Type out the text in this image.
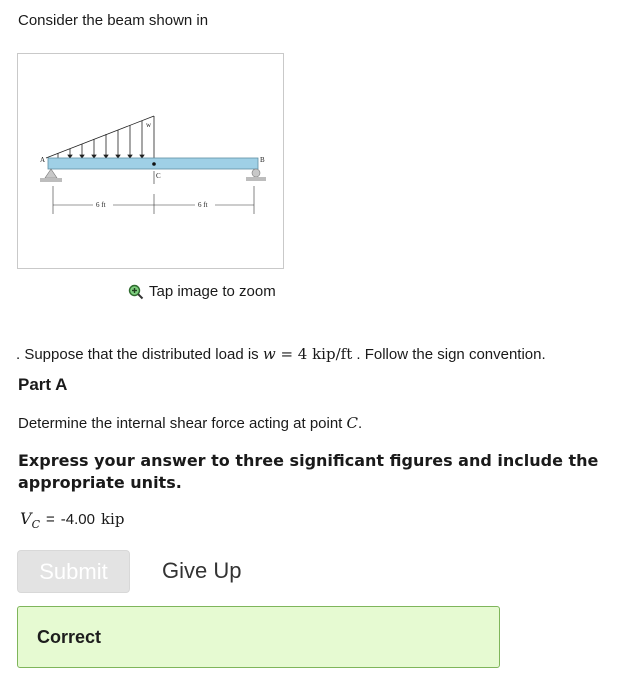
Consider the beam shown in
w
A	B
C
6 ft	6 ft
Tap image to zoom
. Suppose that the distributed load is w = 4 kip/ft . Follow the sign convention.
Part A
Determine the internal shear force acting at point C.
Express your answer to three significant figures and include the appropriate units.
$V_C = -4.00$ kip
Submit	Give Up
Correct
